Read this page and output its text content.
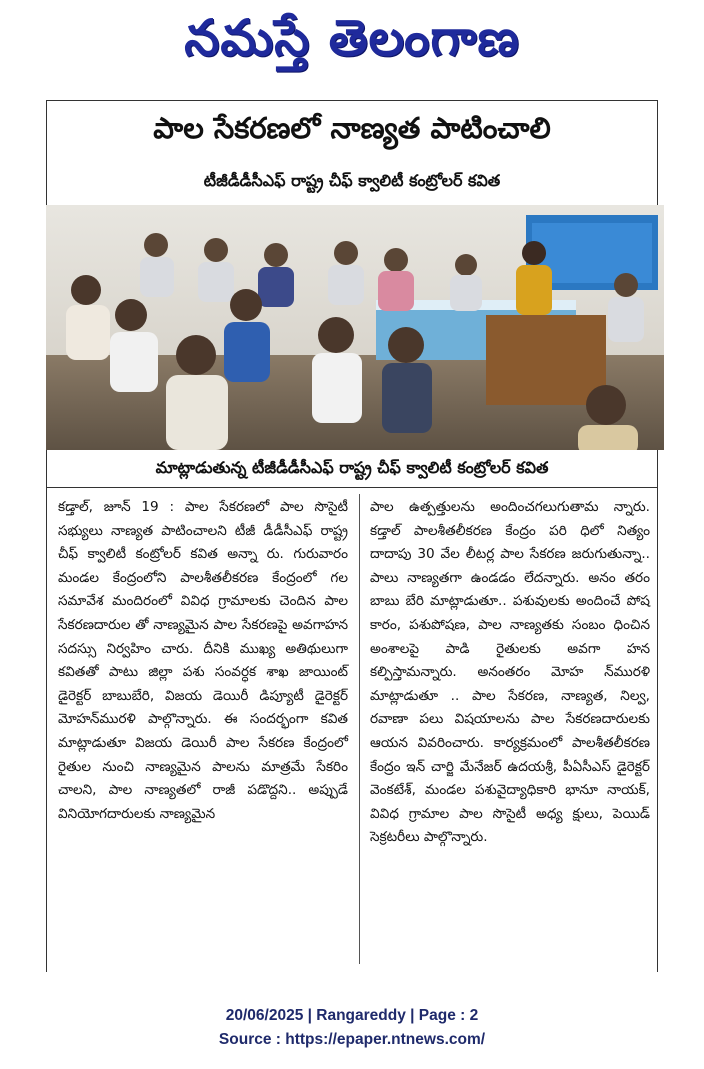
నమస్తే తెలంగాణ
పాల సేకరణలో నాణ్యత పాటించాలి
టీజీడీడీసీఎఫ్ రాష్ట్ర చీఫ్ క్వాలిటీ కంట్రోలర్ కవిత
మాట్లాడుతున్న టీజీడీడీసీఎఫ్ రాష్ట్ర చీఫ్ క్వాలిటీ కంట్రోలర్ కవిత

కడ్తాల్, జూన్ 19 : పాల సేకరణలో పాల సొసైటీ సభ్యులు నాణ్యత పాటించాలని టీజీ డీడీసీఎఫ్ రాష్ట్ర చీఫ్ క్వాలిటీ కంట్రోలర్ కవిత అన్నా రు. గురువారం మండల కేంద్రంలోని పాలశీతలీకరణ కేంద్రంలో గల సమావేశ మందిరంలో వివిధ గ్రామాలకు చెందిన పాల సేకరణదారుల తో నాణ్యమైన పాల సేకరణపై అవగాహన సదస్సు నిర్వహిం చారు. దీనికి ముఖ్య అతిథులుగా కవితతో పాటు జిల్లా పశు సంవర్ధక శాఖ జాయింట్ డైరెక్టర్ బాబుబేరి, విజయ డెయిరీ డిప్యూటీ డైరెక్టర్ మోహన్‌మురళి పాల్గొన్నారు. ఈ సందర్భంగా కవిత మాట్లాడుతూ విజయ డెయిరీ పాల సేకరణ కేంద్రంలో రైతుల నుంచి నాణ్యమైన పాలను మాత్రమే సేకరిం చాలని, పాల నాణ్యతలో రాజీ పడొద్దని.. అప్పుడే వినియోగదారులకు నాణ్యమైన

పాల ఉత్పత్తులను అందించగలుగుతామ న్నారు. కడ్తాల్ పాలశీతలీకరణ కేంద్రం పరి ధిలో నిత్యం దాదాపు 30 వేల లీటర్ల పాల సేకరణ జరుగుతున్నా.. పాలు నాణ్యతగా ఉండడం లేదన్నారు. అనం తరం బాబు బేరి మాట్లాడుతూ.. పశువులకు అందించే పోష కారం, పశుపోషణ, పాల నాణ్యతకు సంబం ధించిన అంశాలపై పాడి రైతులకు అవగా హన కల్పిస్తామన్నారు. అనంతరం మోహ న్‌మురళి మాట్లాడుతూ .. పాల సేకరణ, నాణ్యత, నిల్వ, రవాణా పలు విషయాలను పాల సేకరణదారులకు ఆయన వివరించారు. కార్యక్రమంలో పాలశీతలీకరణ కేంద్రం ఇన్ చార్జి మేనేజర్ ఉదయశ్రీ, పీఏసీఎస్ డైరెక్టర్ వెంకటేశ్, మండల పశువైద్యాధికారి భానూ నాయక్, వివిధ గ్రామాల పాల సొసైటీ అధ్య క్షులు, పెయిడ్ సెక్రటరీలు పాల్గొన్నారు.

20/06/2025 | Rangareddy | Page : 2
Source : https://epaper.ntnews.com/
